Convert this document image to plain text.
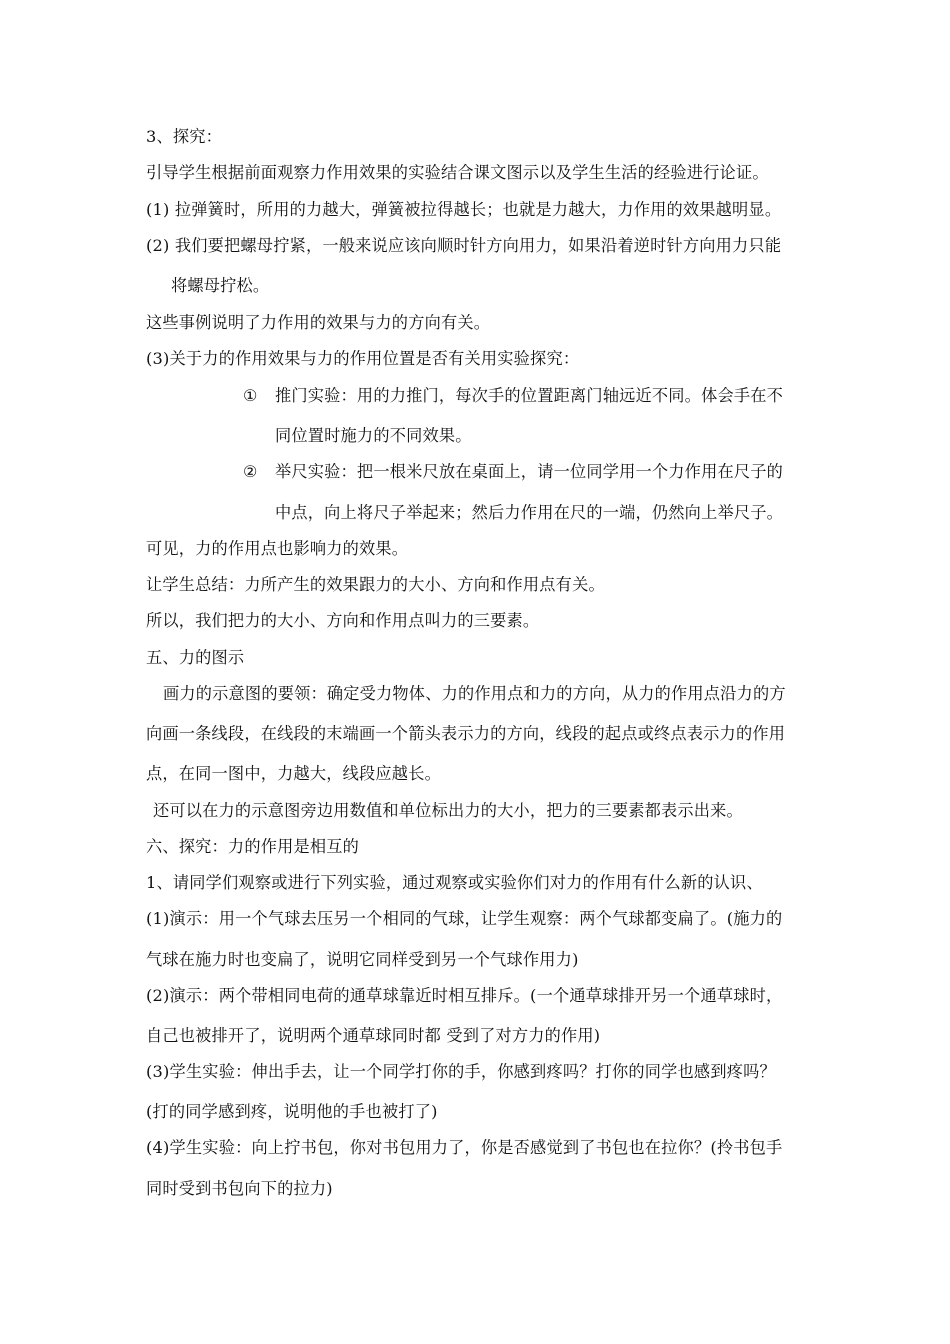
3、探究：
引导学生根据前面观察力作用效果的实验结合课文图示以及学生生活的经验进行论证。
(1) 拉弹簧时，所用的力越大，弹簧被拉得越长；也就是力越大，力作用的效果越明显。
(2) 我们要把螺母拧紧，一般来说应该向顺时针方向用力，如果沿着逆时针方向用力只能
将螺母拧松。
这些事例说明了力作用的效果与力的方向有关。
(3)关于力的作用效果与力的作用位置是否有关用实验探究：
① 推门实验：用的力推门，每次手的位置距离门轴远近不同。体会手在不
同位置时施力的不同效果。
② 举尺实验：把一根米尺放在桌面上，请一位同学用一个力作用在尺子的
中点，向上将尺子举起来；然后力作用在尺的一端，仍然向上举尺子。
可见，力的作用点也影响力的效果。
让学生总结：力所产生的效果跟力的大小、方向和作用点有关。
所以，我们把力的大小、方向和作用点叫力的三要素。
五、力的图示
画力的示意图的要领：确定受力物体、力的作用点和力的方向，从力的作用点沿力的方
向画一条线段，在线段的末端画一个箭头表示力的方向，线段的起点或终点表示力的作用
点，在同一图中，力越大，线段应越长。
还可以在力的示意图旁边用数值和单位标出力的大小，把力的三要素都表示出来。
六、探究：力的作用是相互的
1、请同学们观察或进行下列实验，通过观察或实验你们对力的作用有什么新的认识、
(1)演示：用一个气球去压另一个相同的气球，让学生观察：两个气球都变扁了。(施力的
气球在施力时也变扁了，说明它同样受到另一个气球作用力)
(2)演示：两个带相同电荷的通草球靠近时相互排斥。(一个通草球排开另一个通草球时，
自己也被排开了，说明两个通草球同时都 受到了对方力的作用)
(3)学生实验：伸出手去，让一个同学打你的手，你感到疼吗？打你的同学也感到疼吗？
(打的同学感到疼，说明他的手也被打了)
(4)学生实验：向上拧书包，你对书包用力了，你是否感觉到了书包也在拉你？(拎书包手
同时受到书包向下的拉力)
